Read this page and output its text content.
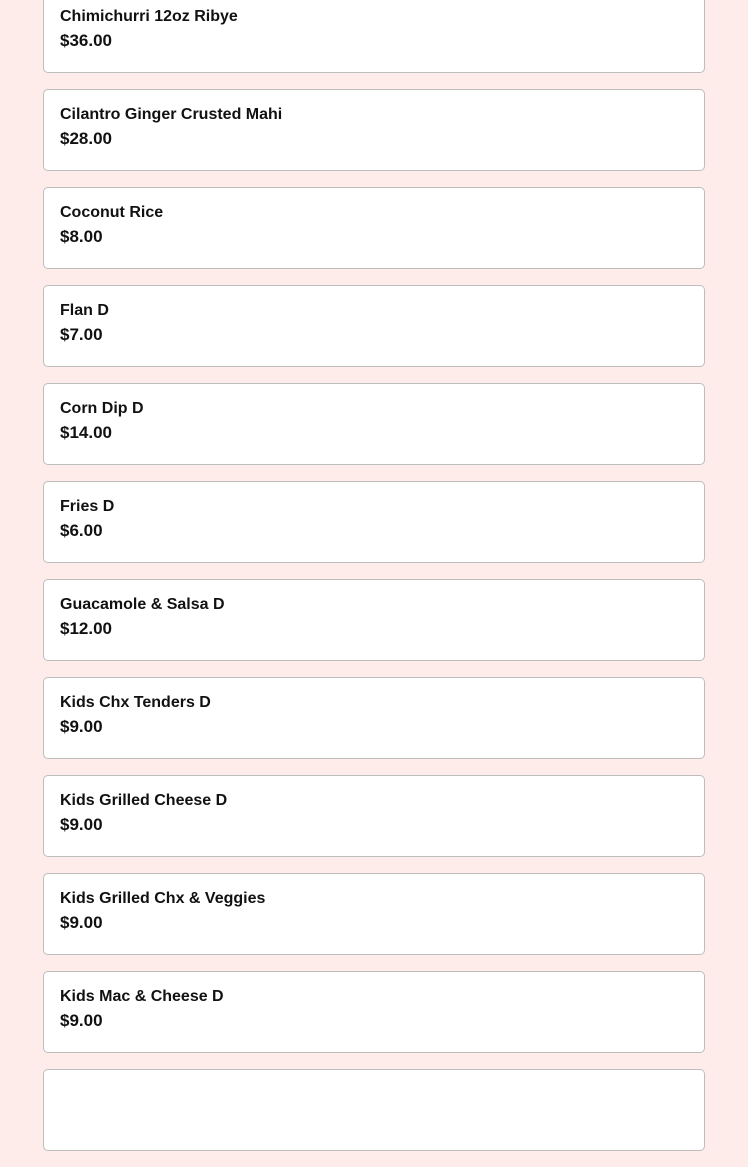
Chimichurri 12oz Ribye
$36.00
Cilantro Ginger Crusted Mahi
$28.00
Coconut Rice
$8.00
Flan D
$7.00
Corn Dip D
$14.00
Fries D
$6.00
Guacamole & Salsa D
$12.00
Kids Chx Tenders D
$9.00
Kids Grilled Cheese D
$9.00
Kids Grilled Chx & Veggies
$9.00
Kids Mac & Cheese D
$9.00
